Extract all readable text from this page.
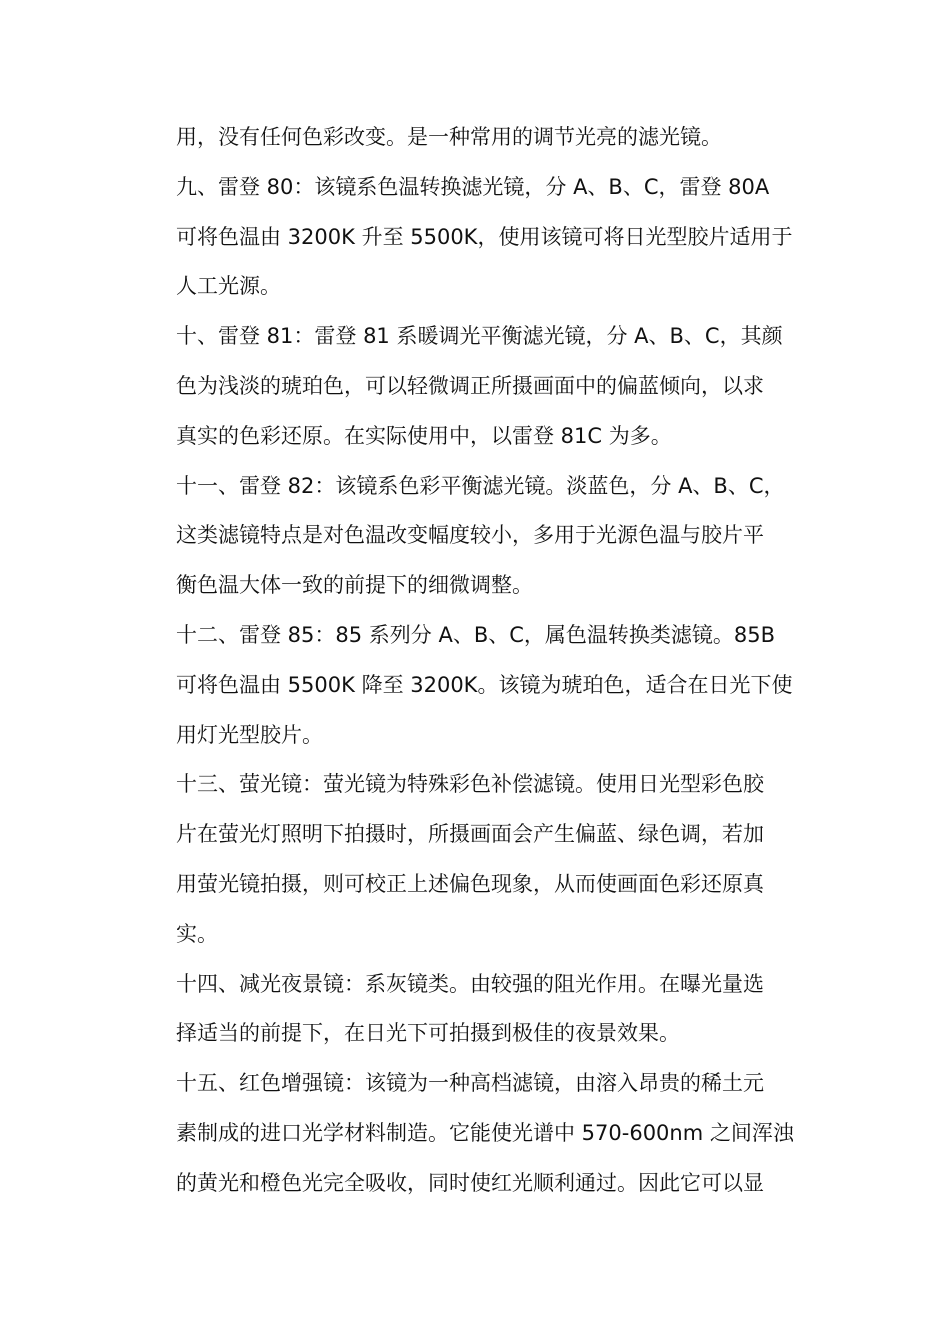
用，没有任何色彩改变。是一种常用的调节光亮的滤光镜。
九、雷登 80：该镜系色温转换滤光镜，分 A、B、C，雷登 80A
可将色温由 3200K 升至 5500K，使用该镜可将日光型胶片适用于
人工光源。
十、雷登 81：雷登 81 系暖调光平衡滤光镜，分 A、B、C，其颜
色为浅淡的琥珀色，可以轻微调正所摄画面中的偏蓝倾向，以求
真实的色彩还原。在实际使用中，以雷登 81C 为多。
十一、雷登 82：该镜系色彩平衡滤光镜。淡蓝色，分 A、B、C，
这类滤镜特点是对色温改变幅度较小，多用于光源色温与胶片平
衡色温大体一致的前提下的细微调整。
十二、雷登 85：85 系列分 A、B、C，属色温转换类滤镜。85B
可将色温由 5500K 降至 3200K。该镜为琥珀色，适合在日光下使
用灯光型胶片。
十三、萤光镜：萤光镜为特殊彩色补偿滤镜。使用日光型彩色胶
片在萤光灯照明下拍摄时，所摄画面会产生偏蓝、绿色调，若加
用萤光镜拍摄，则可校正上述偏色现象，从而使画面色彩还原真
实。
十四、减光夜景镜：系灰镜类。由较强的阻光作用。在曝光量选
择适当的前提下，在日光下可拍摄到极佳的夜景效果。
十五、红色增强镜：该镜为一种高档滤镜，由溶入昂贵的稀土元
素制成的进口光学材料制造。它能使光谱中 570-600nm 之间浑浊
的黄光和橙色光完全吸收，同时使红光顺利通过。因此它可以显
